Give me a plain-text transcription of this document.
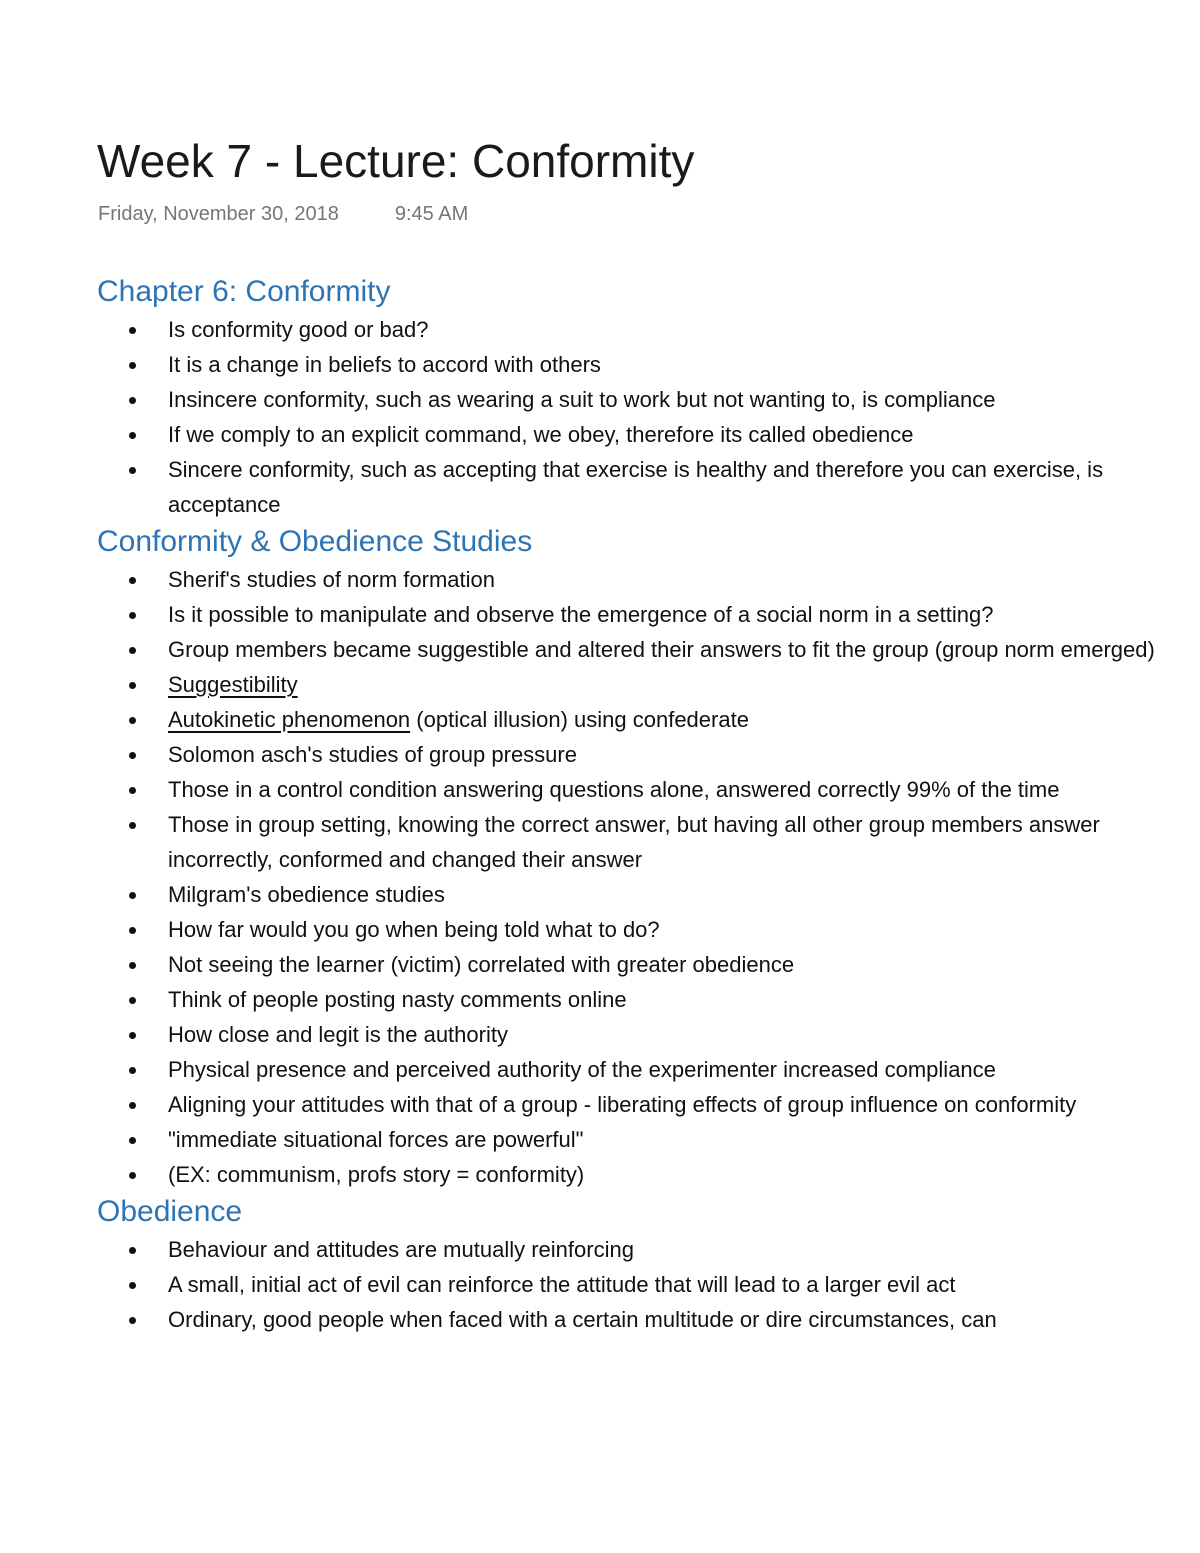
Week 7 - Lecture: Conformity
Friday, November 30, 2018	9:45 AM
Chapter 6: Conformity
Is conformity good or bad?
It is a change in beliefs to accord with others
Insincere conformity, such as wearing a suit to work but not wanting to, is compliance
If we comply to an explicit command, we obey, therefore its called obedience
Sincere conformity, such as accepting that exercise is healthy and therefore you can exercise, is acceptance
Conformity & Obedience Studies
Sherif's studies of norm formation
Is it possible to manipulate and observe the emergence of a social norm in a setting?
Group members became suggestible and altered their answers to fit the group (group norm emerged)
Suggestibility
Autokinetic phenomenon (optical illusion) using confederate
Solomon asch's studies of group pressure
Those in a control condition answering questions alone, answered correctly 99% of the time
Those in group setting, knowing the correct answer, but having all other group members answer incorrectly, conformed and changed their answer
Milgram's obedience studies
How far would you go when being told what to do?
Not seeing the learner (victim) correlated with greater obedience
Think of people posting nasty comments online
How close and legit is the authority
Physical presence and perceived authority of the experimenter increased compliance
Aligning your attitudes with that of a group - liberating effects of group influence on conformity
"immediate situational forces are powerful"
(EX: communism, profs story = conformity)
Obedience
Behaviour and attitudes are mutually reinforcing
A small, initial act of evil can reinforce the attitude that will lead to a larger evil act
Ordinary, good people when faced with a certain multitude or dire circumstances, can
